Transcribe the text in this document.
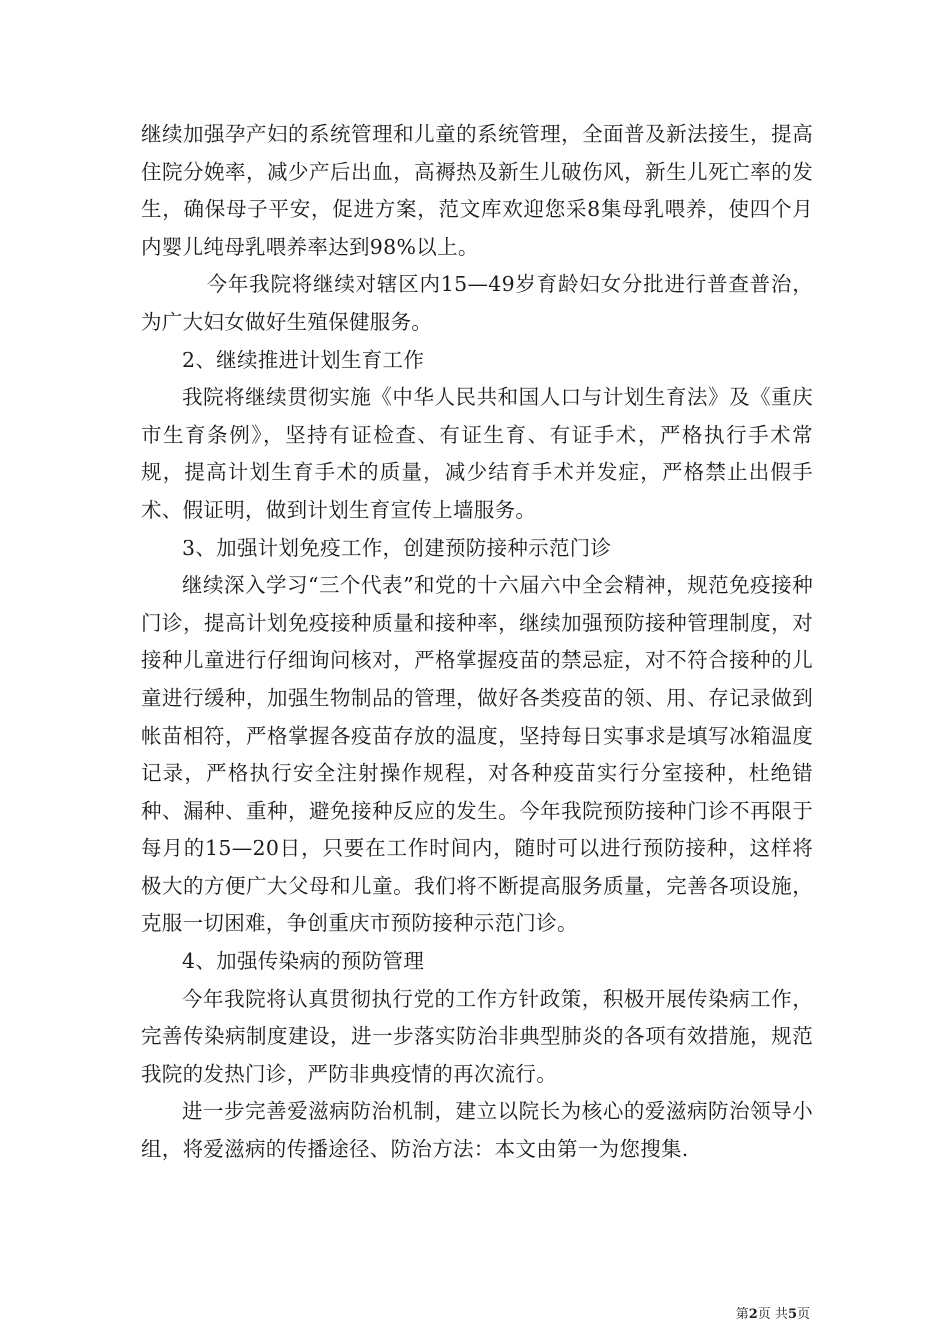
继续加强孕产妇的系统管理和儿童的系统管理，全面普及新法接生，提高住院分娩率，减少产后出血，高褥热及新生儿破伤风，新生儿死亡率的发生，确保母子平安，促进方案，范文库欢迎您采8集母乳喂养，使四个月内婴儿纯母乳喂养率达到98%以上。

今年我院将继续对辖区内15—49岁育龄妇女分批进行普查普治，为广大妇女做好生殖保健服务。

2、继续推进计划生育工作

我院将继续贯彻实施《中华人民共和国人口与计划生育法》及《重庆市生育条例》，坚持有证检查、有证生育、有证手术，严格执行手术常规，提高计划生育手术的质量，减少结育手术并发症，严格禁止出假手术、假证明，做到计划生育宣传上墙服务。

3、加强计划免疫工作，创建预防接种示范门诊

继续深入学习“三个代表”和党的十六届六中全会精神，规范免疫接种门诊，提高计划免疫接种质量和接种率，继续加强预防接种管理制度，对接种儿童进行仔细询问核对，严格掌握疫苗的禁忌症，对不符合接种的儿童进行缓种，加强生物制品的管理，做好各类疫苗的领、用、存记录做到帐苗相符，严格掌握各疫苗存放的温度，坚持每日实事求是填写冰箱温度记录，严格执行安全注射操作规程，对各种疫苗实行分室接种，杜绝错种、漏种、重种，避免接种反应的发生。今年我院预防接种门诊不再限于每月的15—20日，只要在工作时间内，随时可以进行预防接种，这样将极大的方便广大父母和儿童。我们将不断提高服务质量，完善各项设施，克服一切困难，争创重庆市预防接种示范门诊。

4、加强传染病的预防管理

今年我院将认真贯彻执行党的工作方针政策，积极开展传染病工作，完善传染病制度建设，进一步落实防治非典型肺炎的各项有效措施，规范我院的发热门诊，严防非典疫情的再次流行。

进一步完善爱滋病防治机制，建立以院长为核心的爱滋病防治领导小组，将爱滋病的传播途径、防治方法：本文由第一为您搜集.

第2页 共5页
